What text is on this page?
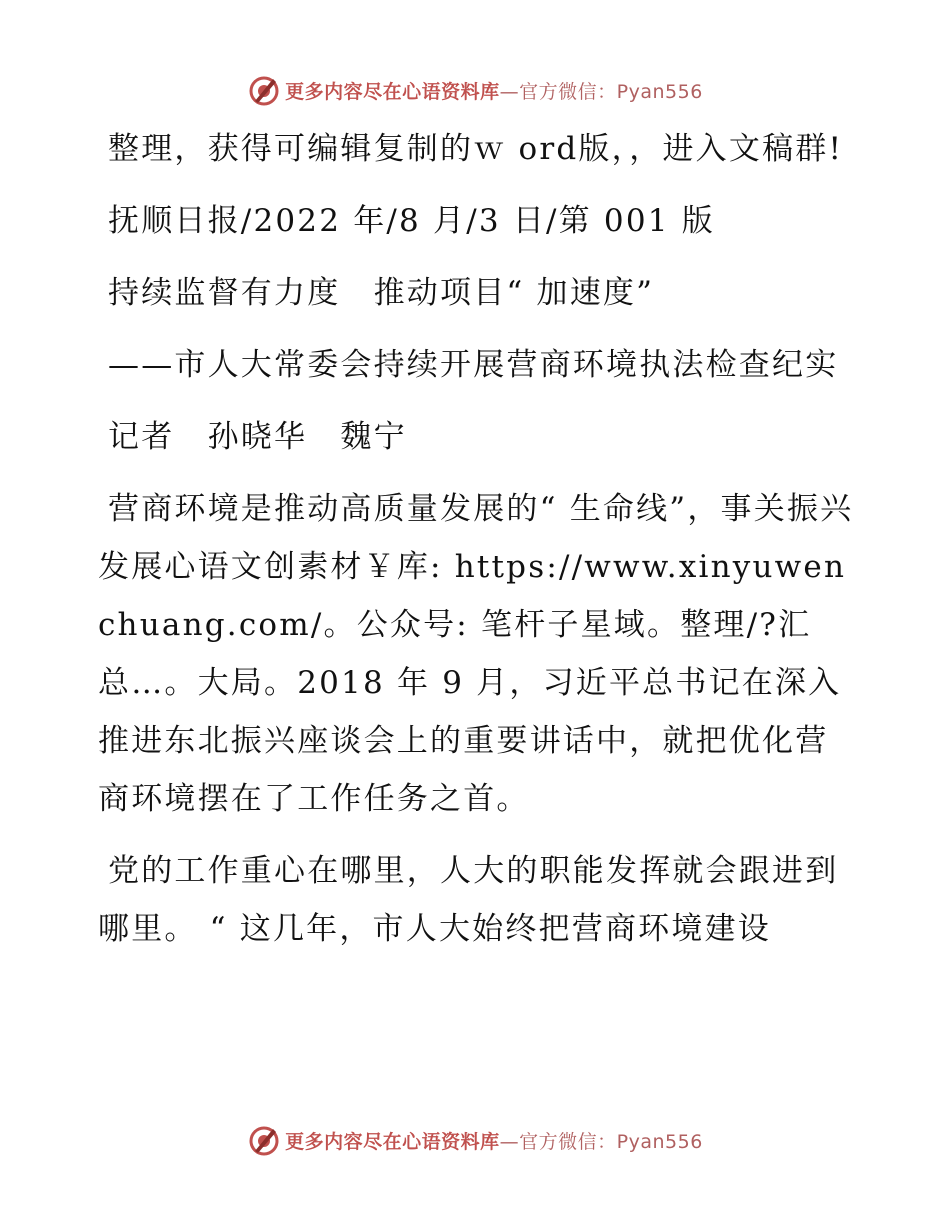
更多内容尽在心语资料库—官方微信：Pyan556

整理，获得可编辑复制的ｗ ord版，，进入文稿群!

抚顺日报/2022 年/8 月/3 日/第 001 版

持续监督有力度　推动项目“ 加速度”

——市人大常委会持续开展营商环境执法检查纪实

记者　孙晓华　魏宁

营商环境是推动高质量发展的“ 生命线”，事关振兴发展心语文创素材￥库: https://www.xinyuwenchuang.com/。公众号: 笔杆子星域。整理/?汇总…。大局。2018 年 9 月，习近平总书记在深入推进东北振兴座谈会上的重要讲话中，就把优化营商环境摆在了工作任务之首。

党的工作重心在哪里，人大的职能发挥就会跟进到哪里。 “ 这几年，市人大始终把营商环境建设

更多内容尽在心语资料库—官方微信：Pyan556
